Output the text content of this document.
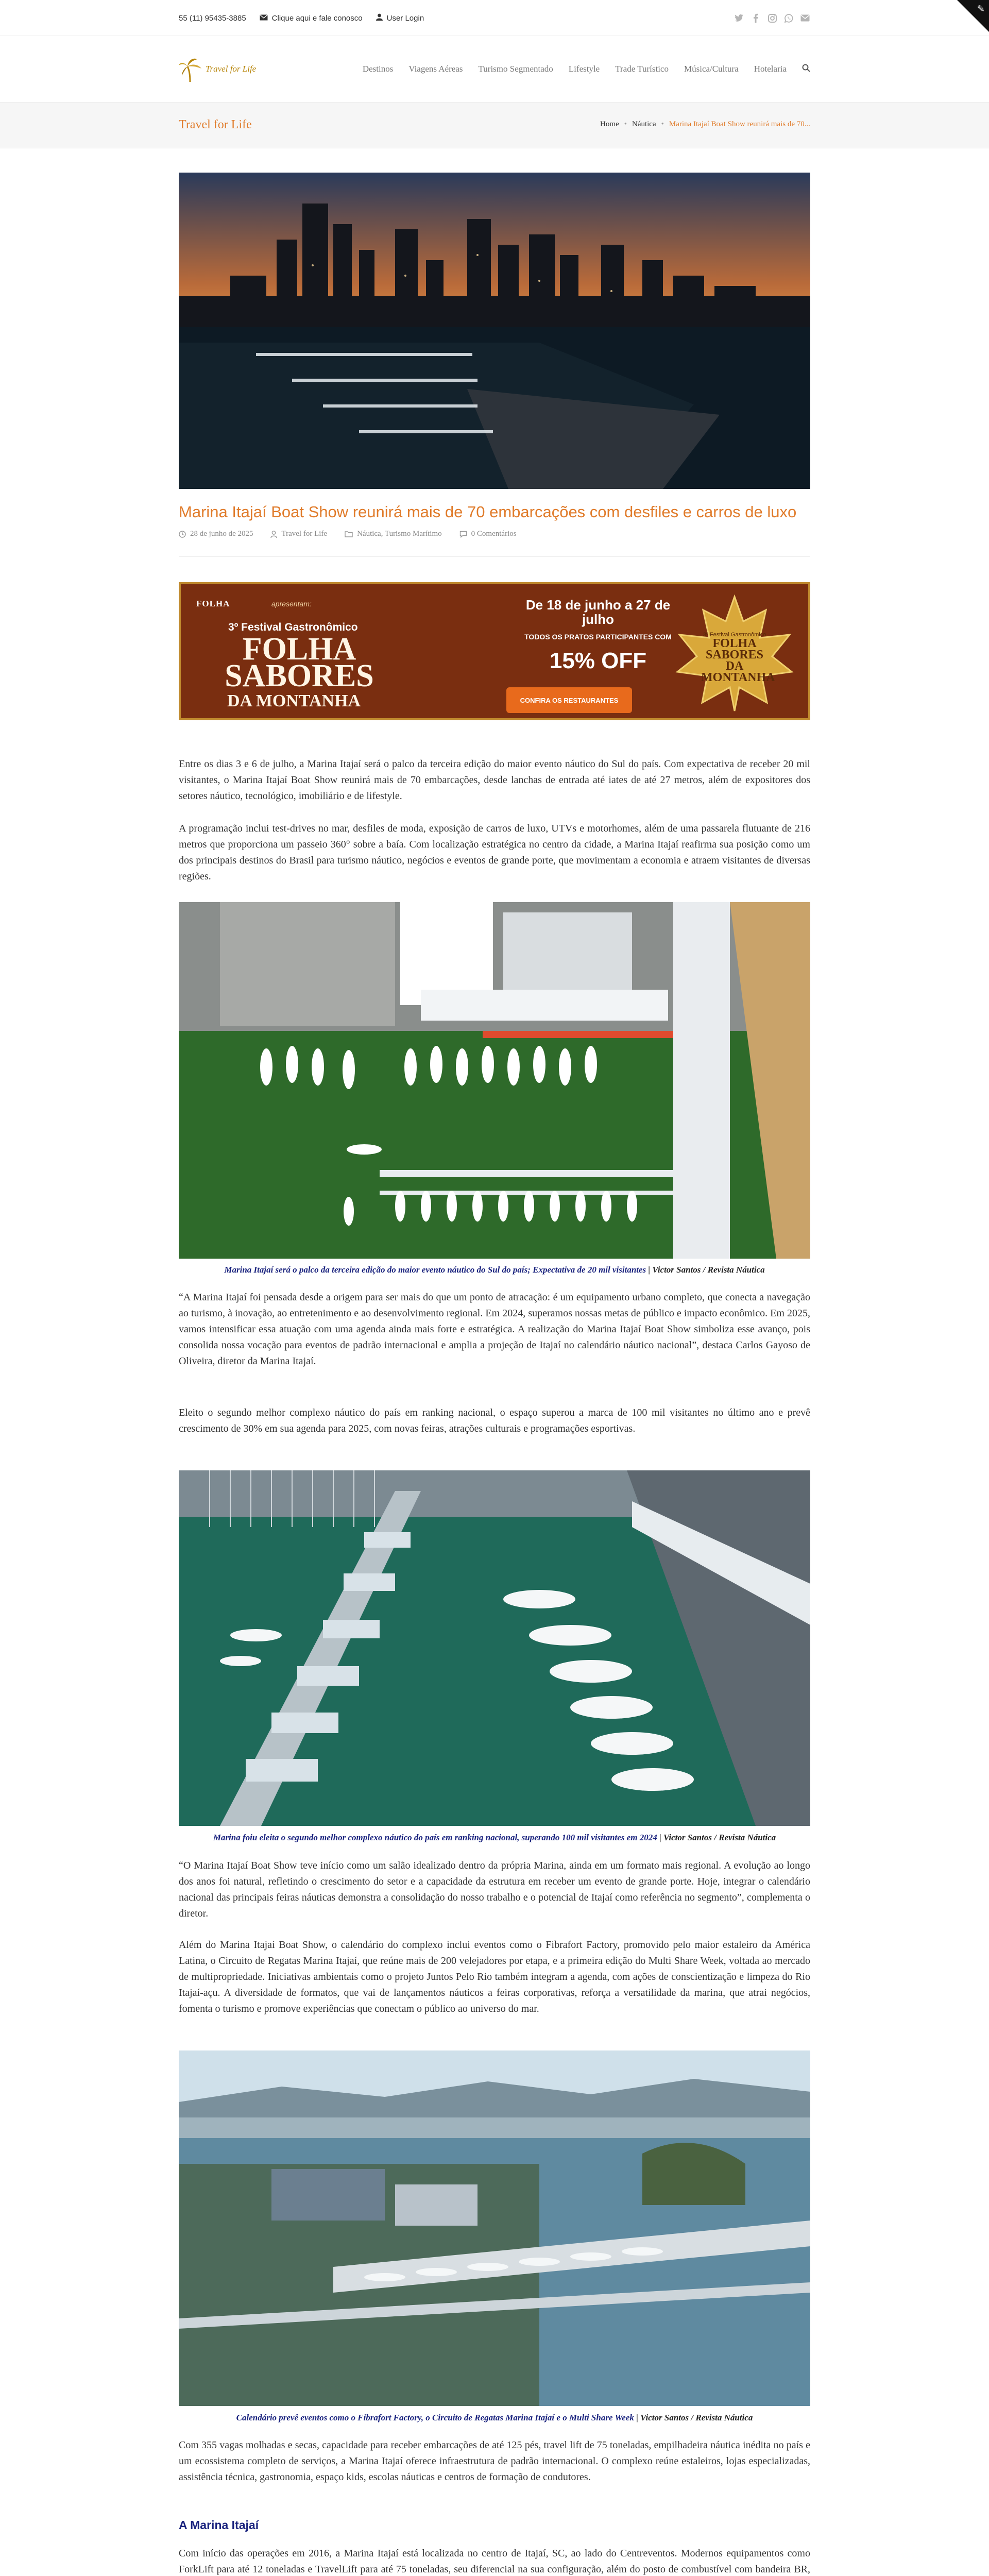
55 (11) 95435-3885	Clique aqui e fale conosco	User Login
✎
Travel for Life	Destinos Viagens Aéreas Turismo Segmentado Lifestyle Trade Turístico Música/Cultura Hotelaria
Travel for Life	Home • Náutica • Marina Itajaí Boat Show reunirá mais de 70...
Marina Itajaí Boat Show reunirá mais de 70 embarcações com desfiles e carros de luxo
28 de junho de 2025	Travel for Life	Náutica, Turismo Marítimo	0 Comentários
FOLHA	apresentam:
3º Festival Gastronômico
FOLHA SABORES
DA MONTANHA
De 18 de junho a 27 de julho
TODOS OS PRATOS PARTICIPANTES COM
15% OFF
CONFIRA OS RESTAURANTES
3º Festival Gastronômico
FOLHA SABORES DA MONTANHA

Entre os dias 3 e 6 de julho, a Marina Itajaí será o palco da terceira edição do maior evento náutico do Sul do país. Com expectativa de receber 20 mil visitantes, o Marina Itajaí Boat Show reunirá mais de 70 embarcações, desde lanchas de entrada até iates de até 27 metros, além de expositores dos setores náutico, tecnológico, imobiliário e de lifestyle.

A programação inclui test-drives no mar, desfiles de moda, exposição de carros de luxo, UTVs e motorhomes, além de uma passarela flutuante de 216 metros que proporciona um passeio 360° sobre a baía. Com localização estratégica no centro da cidade, a Marina Itajaí reafirma sua posição como um dos principais destinos do Brasil para turismo náutico, negócios e eventos de grande porte, que movimentam a economia e atraem visitantes de diversas regiões.

Marina Itajaí será o palco da terceira edição do maior evento náutico do Sul do país; Expectativa de 20 mil visitantes | Victor Santos / Revista Náutica

“A Marina Itajaí foi pensada desde a origem para ser mais do que um ponto de atracação: é um equipamento urbano completo, que conecta a navegação ao turismo, à inovação, ao entretenimento e ao desenvolvimento regional. Em 2024, superamos nossas metas de público e impacto econômico. Em 2025, vamos intensificar essa atuação com uma agenda ainda mais forte e estratégica. A realização do Marina Itajaí Boat Show simboliza esse avanço, pois consolida nossa vocação para eventos de padrão internacional e amplia a projeção de Itajaí no calendário náutico nacional”, destaca Carlos Gayoso de Oliveira, diretor da Marina Itajaí.

Eleito o segundo melhor complexo náutico do país em ranking nacional, o espaço superou a marca de 100 mil visitantes no último ano e prevê crescimento de 30% em sua agenda para 2025, com novas feiras, atrações culturais e programações esportivas.

Marina foiu eleita o segundo melhor complexo náutico do país em ranking nacional, superando 100 mil visitantes em 2024 | Victor Santos / Revista Náutica

“O Marina Itajaí Boat Show teve início como um salão idealizado dentro da própria Marina, ainda em um formato mais regional. A evolução ao longo dos anos foi natural, refletindo o crescimento do setor e a capacidade da estrutura em receber um evento de grande porte. Hoje, integrar o calendário nacional das principais feiras náuticas demonstra a consolidação do nosso trabalho e o potencial de Itajaí como referência no segmento”, complementa o diretor.

Além do Marina Itajaí Boat Show, o calendário do complexo inclui eventos como o Fibrafort Factory, promovido pelo maior estaleiro da América Latina, o Circuito de Regatas Marina Itajaí, que reúne mais de 200 velejadores por etapa, e a primeira edição do Multi Share Week, voltada ao mercado de multipropriedade. Iniciativas ambientais como o projeto Juntos Pelo Rio também integram a agenda, com ações de conscientização e limpeza do Rio Itajaí-açu. A diversidade de formatos, que vai de lançamentos náuticos a feiras corporativas, reforça a versatilidade da marina, que atrai negócios, fomenta o turismo e promove experiências que conectam o público ao universo do mar.

Calendário prevê eventos como o Fibrafort Factory, o Circuito de Regatas Marina Itajaí e o Multi Share Week | Victor Santos / Revista Náutica

Com 355 vagas molhadas e secas, capacidade para receber embarcações de até 125 pés, travel lift de 75 toneladas, empilhadeira náutica inédita no país e um ecossistema completo de serviços, a Marina Itajaí oferece infraestrutura de padrão internacional. O complexo reúne estaleiros, lojas especializadas, assistência técnica, gastronomia, espaço kids, escolas náuticas e centros de formação de condutores.

A Marina Itajaí

Com início das operações em 2016, a Marina Itajaí está localizada no centro de Itajaí, SC, ao lado do Centreventos. Modernos equipamentos como ForkLift para até 12 toneladas e TravelLift para até 75 toneladas, seu diferencial na sua configuração, além do posto de combustível com bandeira BR,
